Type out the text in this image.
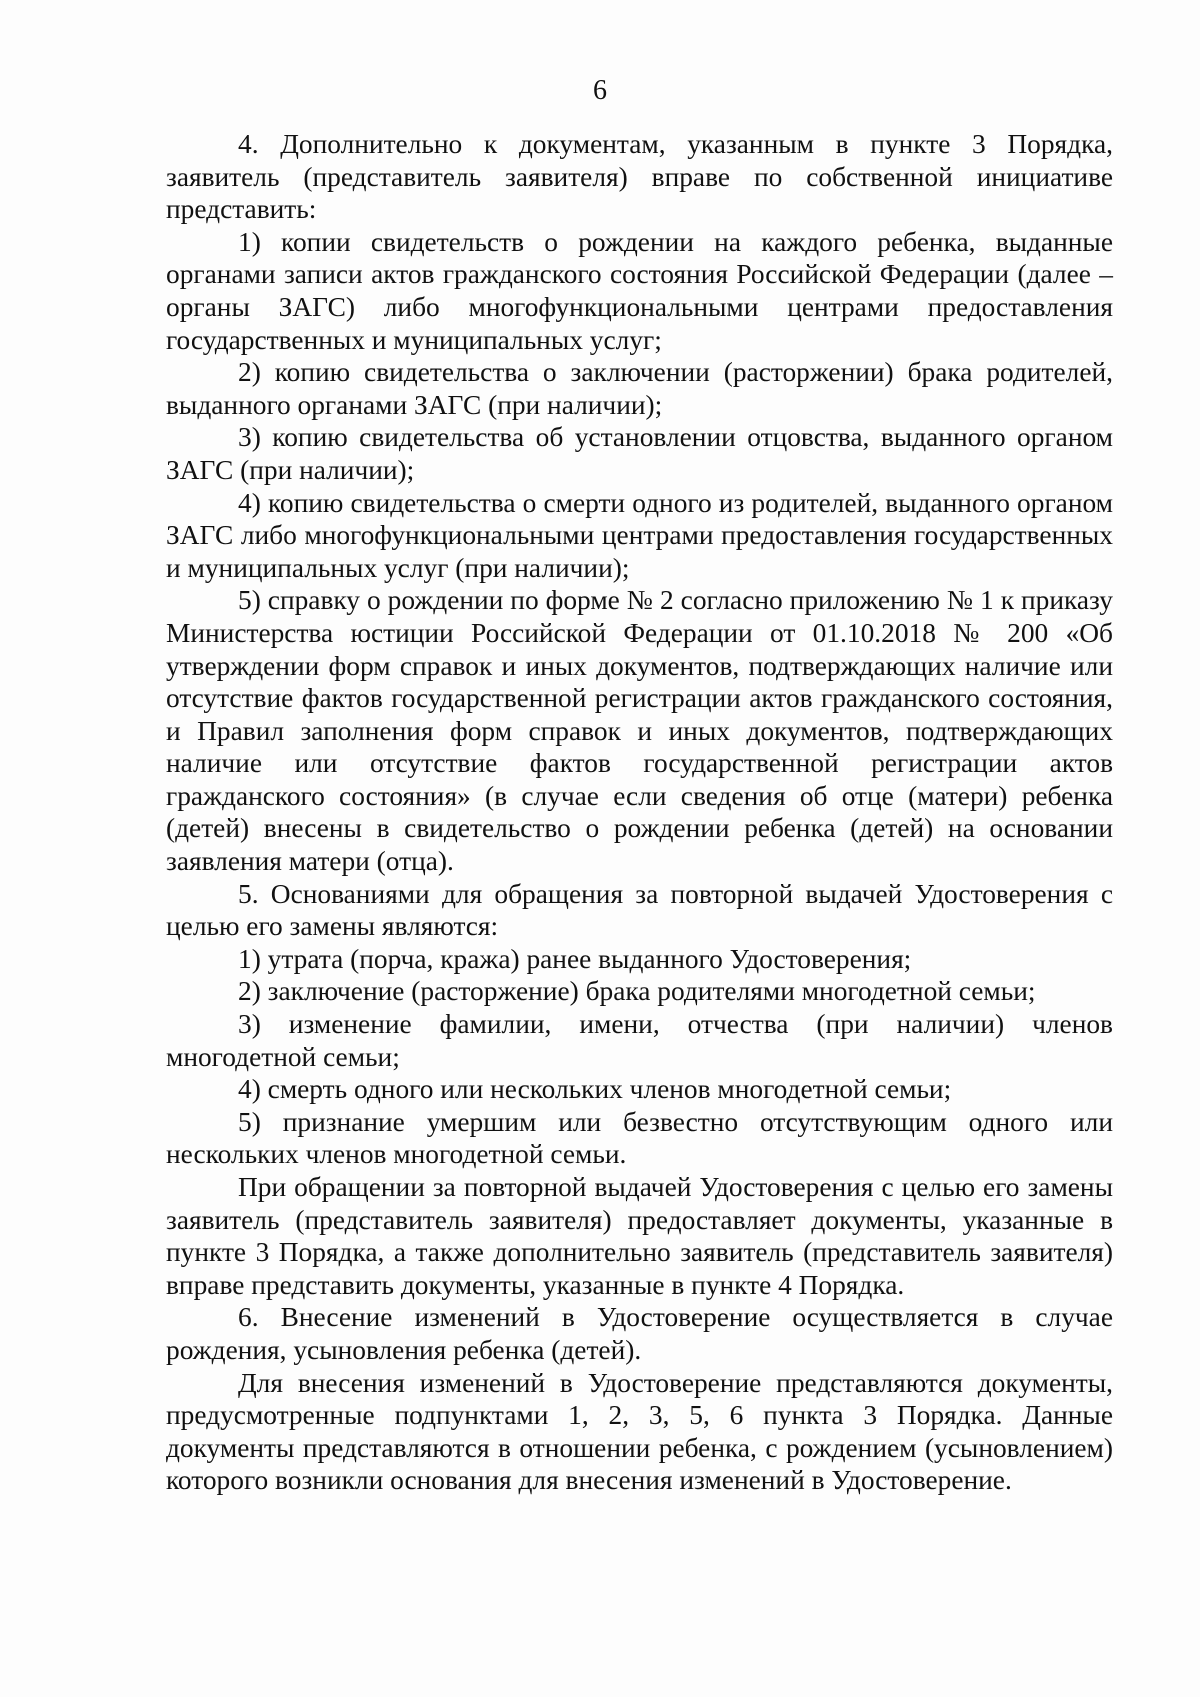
6

4. Дополнительно к документам, указанным в пункте 3 Порядка, заявитель (представитель заявителя) вправе по собственной инициативе представить:

1) копии свидетельств о рождении на каждого ребенка, выданные органами записи актов гражданского состояния Российской Федерации (далее – органы ЗАГС) либо многофункциональными центрами предоставления государственных и муниципальных услуг;

2) копию свидетельства о заключении (расторжении) брака родителей, выданного органами ЗАГС (при наличии);

3) копию свидетельства об установлении отцовства, выданного органом ЗАГС (при наличии);

4) копию свидетельства о смерти одного из родителей, выданного органом ЗАГС либо многофункциональными центрами предоставления государственных и муниципальных услуг (при наличии);

5) справку о рождении по форме № 2 согласно приложению № 1 к приказу Министерства юстиции Российской Федерации от 01.10.2018 № 200 «Об утверждении форм справок и иных документов, подтверждающих наличие или отсутствие фактов государственной регистрации актов гражданского состояния, и Правил заполнения форм справок и иных документов, подтверждающих наличие или отсутствие фактов государственной регистрации актов гражданского состояния» (в случае если сведения об отце (матери) ребенка (детей) внесены в свидетельство о рождении ребенка (детей) на основании заявления матери (отца).

5. Основаниями для обращения за повторной выдачей Удостоверения с целью его замены являются:

1) утрата (порча, кража) ранее выданного Удостоверения;

2) заключение (расторжение) брака родителями многодетной семьи;

3) изменение фамилии, имени, отчества (при наличии) членов многодетной семьи;

4) смерть одного или нескольких членов многодетной семьи;

5) признание умершим или безвестно отсутствующим одного или нескольких членов многодетной семьи.

При обращении за повторной выдачей Удостоверения с целью его замены заявитель (представитель заявителя) предоставляет документы, указанные в пункте 3 Порядка, а также дополнительно заявитель (представитель заявителя) вправе представить документы, указанные в пункте 4 Порядка.

6. Внесение изменений в Удостоверение осуществляется в случае рождения, усыновления ребенка (детей).

Для внесения изменений в Удостоверение представляются документы, предусмотренные подпунктами 1, 2, 3, 5, 6 пункта 3 Порядка. Данные документы представляются в отношении ребенка, с рождением (усыновлением) которого возникли основания для внесения изменений в Удостоверение.
